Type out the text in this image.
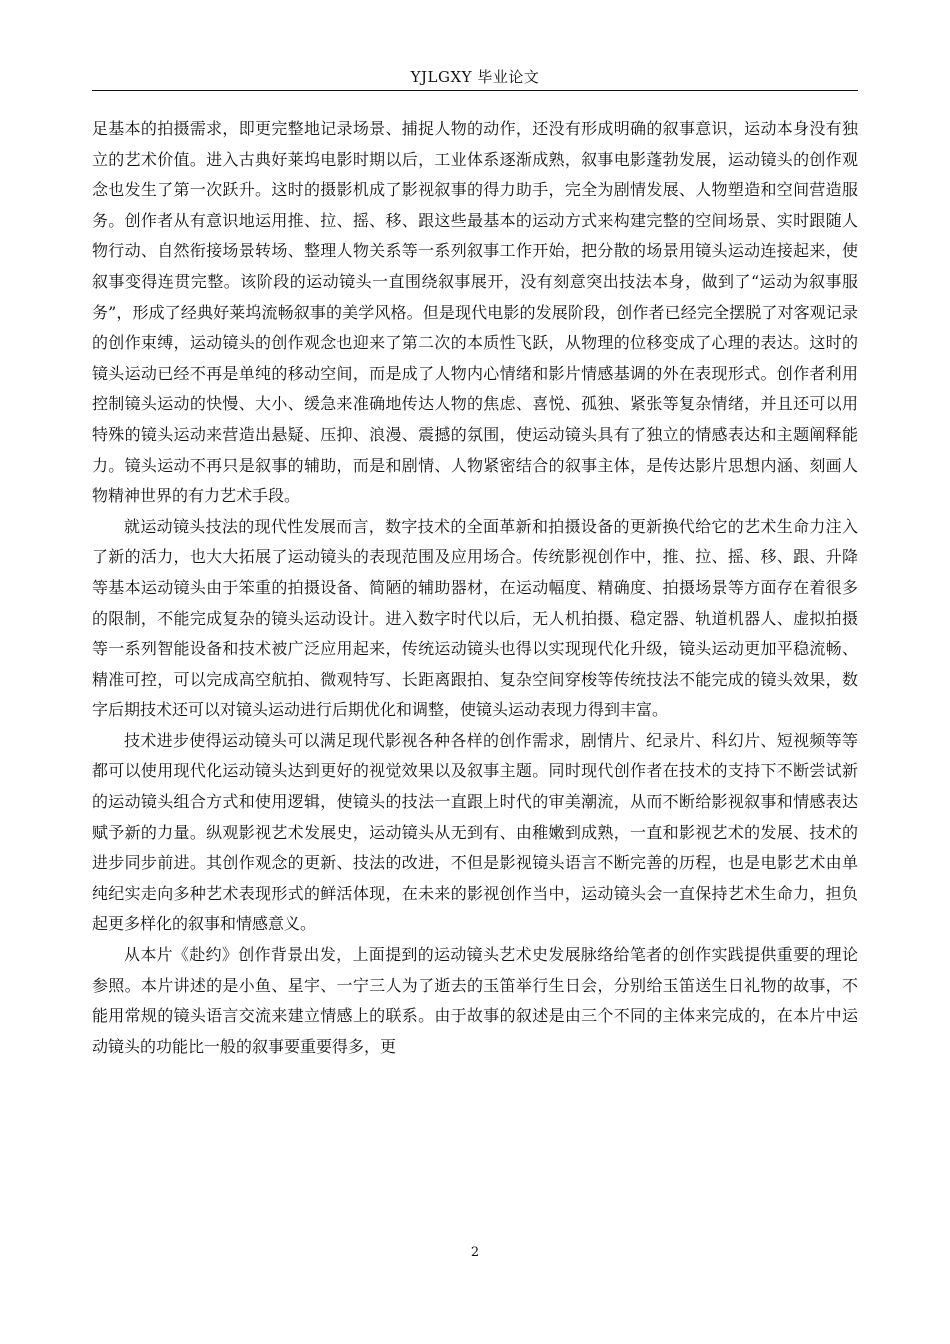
YJLGXY 毕业论文

足基本的拍摄需求，即更完整地记录场景、捕捉人物的动作，还没有形成明确的叙事意识，运动本身没有独立的艺术价值。进入古典好莱坞电影时期以后，工业体系逐渐成熟，叙事电影蓬勃发展，运动镜头的创作观念也发生了第一次跃升。这时的摄影机成了影视叙事的得力助手，完全为剧情发展、人物塑造和空间营造服务。创作者从有意识地运用推、拉、摇、移、跟这些最基本的运动方式来构建完整的空间场景、实时跟随人物行动、自然衔接场景转场、整理人物关系等一系列叙事工作开始，把分散的场景用镜头运动连接起来，使叙事变得连贯完整。该阶段的运动镜头一直围绕叙事展开，没有刻意突出技法本身，做到了“运动为叙事服务”，形成了经典好莱坞流畅叙事的美学风格。但是现代电影的发展阶段，创作者已经完全摆脱了对客观记录的创作束缚，运动镜头的创作观念也迎来了第二次的本质性飞跃，从物理的位移变成了心理的表达。这时的镜头运动已经不再是单纯的移动空间，而是成了人物内心情绪和影片情感基调的外在表现形式。创作者利用控制镜头运动的快慢、大小、缓急来准确地传达人物的焦虑、喜悦、孤独、紧张等复杂情绪，并且还可以用特殊的镜头运动来营造出悬疑、压抑、浪漫、震撼的氛围，使运动镜头具有了独立的情感表达和主题阐释能力。镜头运动不再只是叙事的辅助，而是和剧情、人物紧密结合的叙事主体，是传达影片思想内涵、刻画人物精神世界的有力艺术手段。

就运动镜头技法的现代性发展而言，数字技术的全面革新和拍摄设备的更新换代给它的艺术生命力注入了新的活力，也大大拓展了运动镜头的表现范围及应用场合。传统影视创作中，推、拉、摇、移、跟、升降等基本运动镜头由于笨重的拍摄设备、简陋的辅助器材，在运动幅度、精确度、拍摄场景等方面存在着很多的限制，不能完成复杂的镜头运动设计。进入数字时代以后，无人机拍摄、稳定器、轨道机器人、虚拟拍摄等一系列智能设备和技术被广泛应用起来，传统运动镜头也得以实现现代化升级，镜头运动更加平稳流畅、精准可控，可以完成高空航拍、微观特写、长距离跟拍、复杂空间穿梭等传统技法不能完成的镜头效果，数字后期技术还可以对镜头运动进行后期优化和调整，使镜头运动表现力得到丰富。

技术进步使得运动镜头可以满足现代影视各种各样的创作需求，剧情片、纪录片、科幻片、短视频等等都可以使用现代化运动镜头达到更好的视觉效果以及叙事主题。同时现代创作者在技术的支持下不断尝试新的运动镜头组合方式和使用逻辑，使镜头的技法一直跟上时代的审美潮流，从而不断给影视叙事和情感表达赋予新的力量。纵观影视艺术发展史，运动镜头从无到有、由稚嫩到成熟，一直和影视艺术的发展、技术的进步同步前进。其创作观念的更新、技法的改进，不但是影视镜头语言不断完善的历程，也是电影艺术由单纯纪实走向多种艺术表现形式的鲜活体现，在未来的影视创作当中，运动镜头会一直保持艺术生命力，担负起更多样化的叙事和情感意义。

从本片《赴约》创作背景出发，上面提到的运动镜头艺术史发展脉络给笔者的创作实践提供重要的理论参照。本片讲述的是小鱼、星宇、一宁三人为了逝去的玉笛举行生日会，分别给玉笛送生日礼物的故事，不能用常规的镜头语言交流来建立情感上的联系。由于故事的叙述是由三个不同的主体来完成的，在本片中运动镜头的功能比一般的叙事要重要得多，更

2
